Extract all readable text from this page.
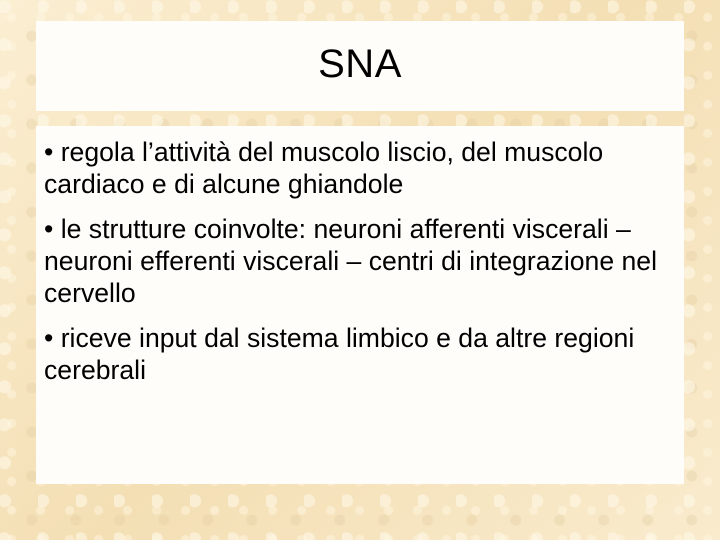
SNA
• regola l’attività del muscolo liscio, del muscolo cardiaco e di alcune ghiandole
• le strutture coinvolte: neuroni afferenti viscerali – neuroni efferenti viscerali – centri di integrazione nel cervello
• riceve input dal sistema limbico e da altre regioni cerebrali
